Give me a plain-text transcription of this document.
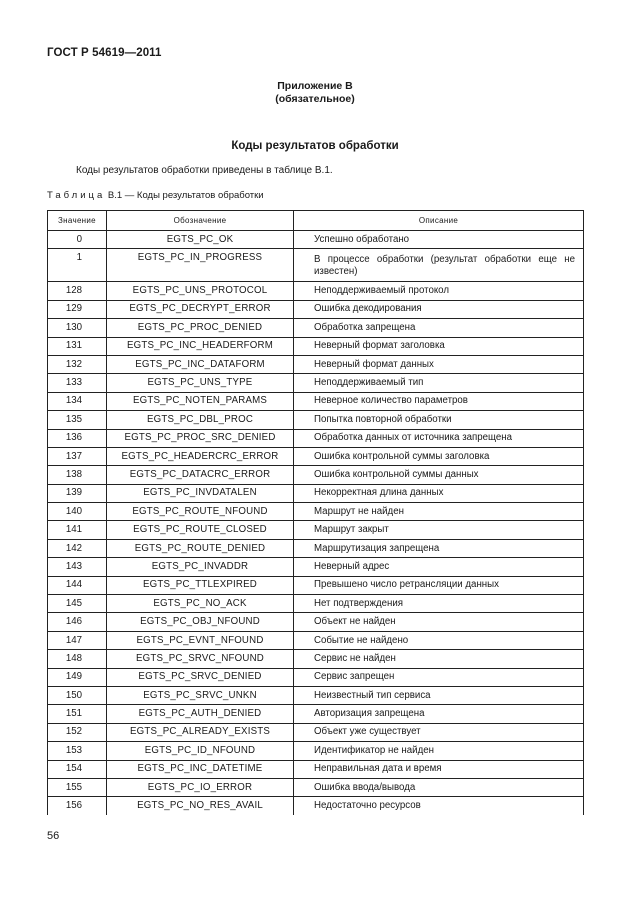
ГОСТ Р 54619—2011
Приложение В
(обязательное)
Коды результатов обработки
Коды результатов обработки приведены в таблице В.1.
Таблица В.1 — Коды результатов обработки
Значение	Обозначение	Описание
0	EGTS_PC_OK	Успешно обработано
1	EGTS_PC_IN_PROGRESS	В процессе обработки (результат обработки еще не известен)
128	EGTS_PC_UNS_PROTOCOL	Неподдерживаемый протокол
129	EGTS_PC_DECRYPT_ERROR	Ошибка декодирования
130	EGTS_PC_PROC_DENIED	Обработка запрещена
131	EGTS_PC_INC_HEADERFORM	Неверный формат заголовка
132	EGTS_PC_INC_DATAFORM	Неверный формат данных
133	EGTS_PC_UNS_TYPE	Неподдерживаемый тип
134	EGTS_PC_NOTEN_PARAMS	Неверное количество параметров
135	EGTS_PC_DBL_PROC	Попытка повторной обработки
136	EGTS_PC_PROC_SRC_DENIED	Обработка данных от источника запрещена
137	EGTS_PC_HEADERCRC_ERROR	Ошибка контрольной суммы заголовка
138	EGTS_PC_DATACRC_ERROR	Ошибка контрольной суммы данных
139	EGTS_PC_INVDATALEN	Некорректная длина данных
140	EGTS_PC_ROUTE_NFOUND	Маршрут не найден
141	EGTS_PC_ROUTE_CLOSED	Маршрут закрыт
142	EGTS_PC_ROUTE_DENIED	Маршрутизация запрещена
143	EGTS_PC_INVADDR	Неверный адрес
144	EGTS_PC_TTLEXPIRED	Превышено число ретрансляции данных
145	EGTS_PC_NO_ACK	Нет подтверждения
146	EGTS_PC_OBJ_NFOUND	Объект не найден
147	EGTS_PC_EVNT_NFOUND	Событие не найдено
148	EGTS_PC_SRVC_NFOUND	Сервис не найден
149	EGTS_PC_SRVC_DENIED	Сервис запрещен
150	EGTS_PC_SRVC_UNKN	Неизвестный тип сервиса
151	EGTS_PC_AUTH_DENIED	Авторизация запрещена
152	EGTS_PC_ALREADY_EXISTS	Объект уже существует
153	EGTS_PC_ID_NFOUND	Идентификатор не найден
154	EGTS_PC_INC_DATETIME	Неправильная дата и время
155	EGTS_PC_IO_ERROR	Ошибка ввода/вывода
156	EGTS_PC_NO_RES_AVAIL	Недостаточно ресурсов
56
